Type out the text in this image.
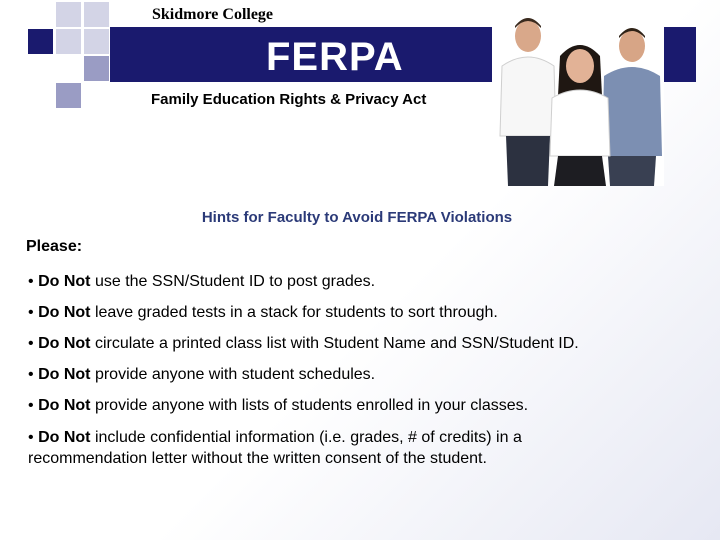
Skidmore College
FERPA
Family Education Rights & Privacy Act
Hints for Faculty to Avoid FERPA Violations
Please:
• Do Not use the SSN/Student ID to post grades.
• Do Not leave graded tests in a stack for students to sort through.
• Do Not circulate a printed class list with Student Name and SSN/Student ID.
• Do Not provide anyone with student schedules.
• Do Not provide anyone with lists of students enrolled in your classes.
• Do Not include confidential information (i.e. grades, # of credits) in a recommendation letter without the written consent of the student.
